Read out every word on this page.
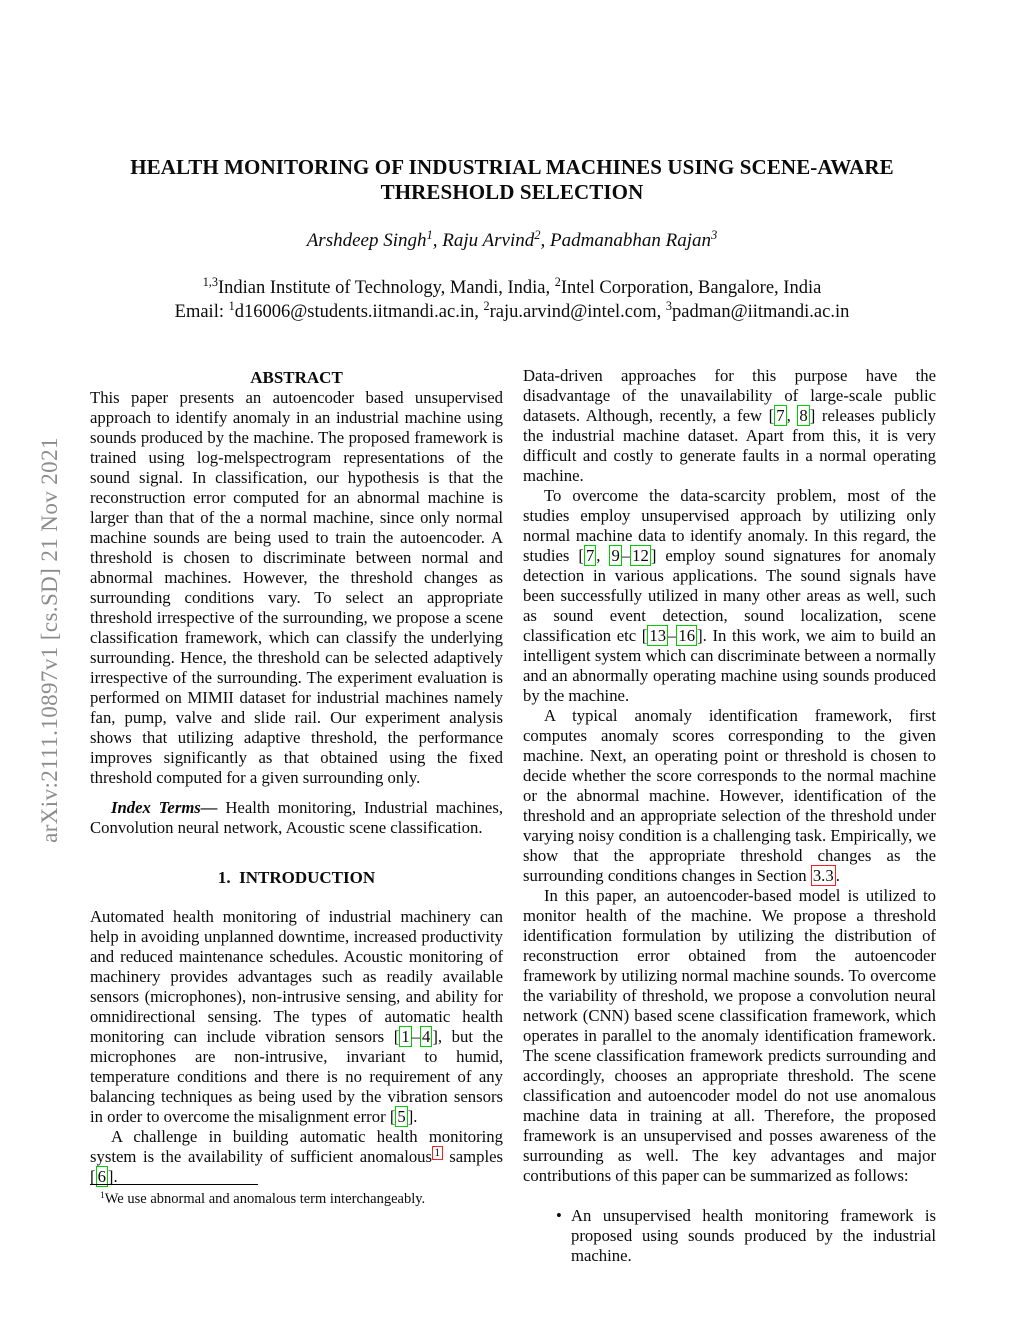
arXiv:2111.10897v1 [cs.SD] 21 Nov 2021
HEALTH MONITORING OF INDUSTRIAL MACHINES USING SCENE-AWARE
THRESHOLD SELECTION
Arshdeep Singh$^1$, Raju Arvind$^2$, Padmanabhan Rajan$^3$
$^{1,3}$Indian Institute of Technology, Mandi, India, $^2$Intel Corporation, Bangalore, India
Email: $^1$d16006@students.iitmandi.ac.in, $^2$raju.arvind@intel.com, $^3$padman@iitmandi.ac.in

ABSTRACT

This paper presents an autoencoder based unsupervised approach to identify anomaly in an industrial machine using sounds produced by the machine. The proposed framework is trained using log-melspectrogram representations of the sound signal. In classification, our hypothesis is that the reconstruction error computed for an abnormal machine is larger than that of the a normal machine, since only normal machine sounds are being used to train the autoencoder. A threshold is chosen to discriminate between normal and abnormal machines. However, the threshold changes as surrounding conditions vary. To select an appropriate threshold irrespective of the surrounding, we propose a scene classification framework, which can classify the underlying surrounding. Hence, the threshold can be selected adaptively irrespective of the surrounding. The experiment evaluation is performed on MIMII dataset for industrial machines namely fan, pump, valve and slide rail. Our experiment analysis shows that utilizing adaptive threshold, the performance improves significantly as that obtained using the fixed threshold computed for a given surrounding only.

Index Terms— Health monitoring, Industrial machines, Convolution neural network, Acoustic scene classification.

1.  INTRODUCTION

Automated health monitoring of industrial machinery can help in avoiding unplanned downtime, increased productivity and reduced maintenance schedules. Acoustic monitoring of machinery provides advantages such as readily available sensors (microphones), non-intrusive sensing, and ability for omnidirectional sensing. The types of automatic health monitoring can include vibration sensors [ 1 – 4 ], but the microphones are non-intrusive, invariant to humid, temperature conditions and there is no requirement of any balancing techniques as being used by the vibration sensors in order to overcome the misalignment error [ 5 ].

A challenge in building automatic health monitoring system is the availability of sufficient anomalous $^1$ samples [ 6 ].

Data-driven approaches for this purpose have the disadvantage of the unavailability of large-scale public datasets. Although, recently, a few [ 7 , 8 ] releases publicly the industrial machine dataset. Apart from this, it is very difficult and costly to generate faults in a normal operating machine.

To overcome the data-scarcity problem, most of the studies employ unsupervised approach by utilizing only normal machine data to identify anomaly. In this regard, the studies [ 7 , 9 – 12 ] employ sound signatures for anomaly detection in various applications. The sound signals have been successfully utilized in many other areas as well, such as sound event detection, sound localization, scene classification etc [ 13 – 16 ]. In this work, we aim to build an intelligent system which can discriminate between a normally and an abnormally operating machine using sounds produced by the machine.

A typical anomaly identification framework, first computes anomaly scores corresponding to the given machine. Next, an operating point or threshold is chosen to decide whether the score corresponds to the normal machine or the abnormal machine. However, identification of the threshold and an appropriate selection of the threshold under varying noisy condition is a challenging task. Empirically, we show that the appropriate threshold changes as the surrounding conditions changes in Section 3.3 .

In this paper, an autoencoder-based model is utilized to monitor health of the machine. We propose a threshold identification formulation by utilizing the distribution of reconstruction error obtained from the autoencoder framework by utilizing normal machine sounds. To overcome the variability of threshold, we propose a convolution neural network (CNN) based scene classification framework, which operates in parallel to the anomaly identification framework. The scene classification framework predicts surrounding and accordingly, chooses an appropriate threshold. The scene classification and autoencoder model do not use anomalous machine data in training at all. Therefore, the proposed framework is an unsupervised and posses awareness of the surrounding as well. The key advantages and major contributions of this paper can be summarized as follows:

• An unsupervised health monitoring framework is proposed using sounds produced by the industrial machine.
$^1$We use abnormal and anomalous term interchangeably.
